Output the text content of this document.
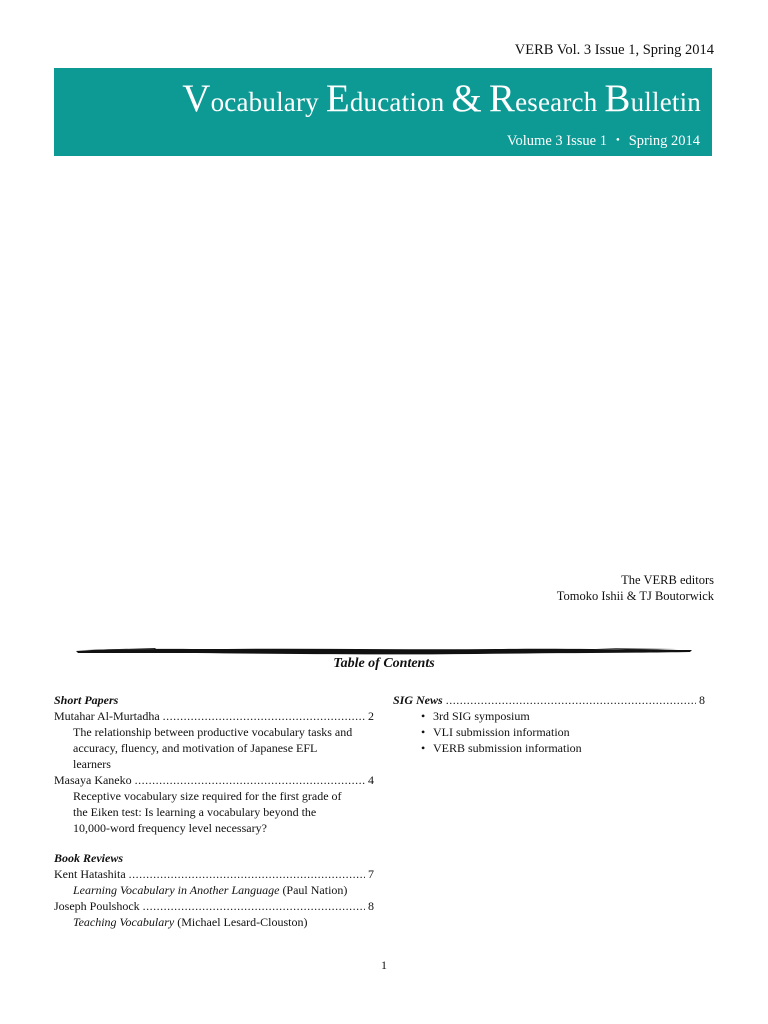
VERB Vol. 3 Issue 1, Spring 2014
Vocabulary Education & Research Bulletin
Volume 3 Issue 1 ・ Spring 2014
The VERB editors
Tomoko Ishii & TJ Boutorwick
Table of Contents
Short Papers
Mutahar Al-Murtadha .....	2
The relationship between productive vocabulary tasks and
accuracy, fluency, and motivation of Japanese EFL
learners
Masaya Kaneko .....	4
Receptive vocabulary size required for the first grade of
the Eiken test: Is learning a vocabulary beyond the
10,000-word frequency level necessary?
Book Reviews
Kent Hatashita .....	7
Learning Vocabulary in Another Language (Paul Nation)
Joseph Poulshock .....	8
Teaching Vocabulary (Michael Lesard-Clouston)
SIG News .....	8
• 3rd SIG symposium
• VLI submission information
• VERB submission information
1
